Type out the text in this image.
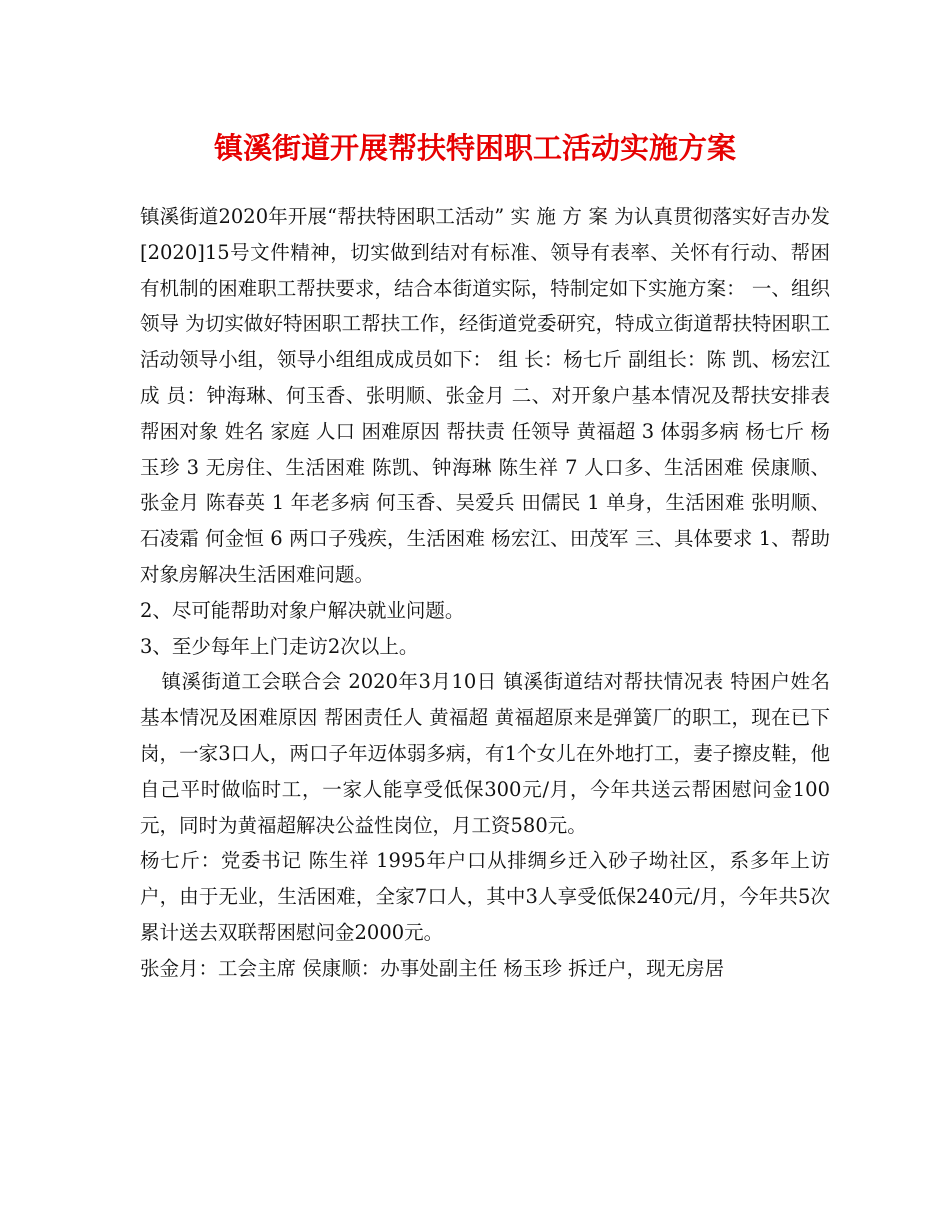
镇溪街道开展帮扶特困职工活动实施方案

镇溪街道2020年开展“帮扶特困职工活动” 实 施 方 案 为认真贯彻落实好吉办发[2020]15号文件精神，切实做到结对有标准、领导有表率、关怀有行动、帮困有机制的困难职工帮扶要求，结合本街道实际，特制定如下实施方案： 一、组织领导 为切实做好特困职工帮扶工作，经街道党委研究，特成立街道帮扶特困职工活动领导小组，领导小组组成成员如下： 组 长：杨七斤 副组长：陈 凯、杨宏江 成 员：钟海琳、何玉香、张明顺、张金月 二、对开象户基本情况及帮扶安排表 帮困对象 姓名 家庭 人口 困难原因 帮扶责 任领导 黄福超 3 体弱多病 杨七斤 杨玉珍 3 无房住、生活困难 陈凯、钟海琳 陈生祥 7 人口多、生活困难 侯康顺、张金月 陈春英 1 年老多病 何玉香、吴爱兵 田儒民 1 单身，生活困难 张明顺、石凌霜 何金恒 6 两口子残疾，生活困难 杨宏江、田茂军 三、具体要求 1、帮助对象房解决生活困难问题。

2、尽可能帮助对象户解决就业问题。

3、至少每年上门走访2次以上。

镇溪街道工会联合会 2020年3月10日 镇溪街道结对帮扶情况表 特困户姓名 基本情况及困难原因 帮困责任人 黄福超 黄福超原来是弹簧厂的职工，现在已下岗，一家3口人，两口子年迈体弱多病，有1个女儿在外地打工，妻子擦皮鞋，他自己平时做临时工，一家人能享受低保300元/月，今年共送云帮困慰问金100元，同时为黄福超解决公益性岗位，月工资580元。

杨七斤：党委书记 陈生祥 1995年户口从排绸乡迁入砂子坳社区，系多年上访户，由于无业，生活困难，全家7口人，其中3人享受低保240元/月，今年共5次累计送去双联帮困慰问金2000元。

张金月：工会主席 侯康顺：办事处副主任 杨玉珍 拆迁户，现无房居
